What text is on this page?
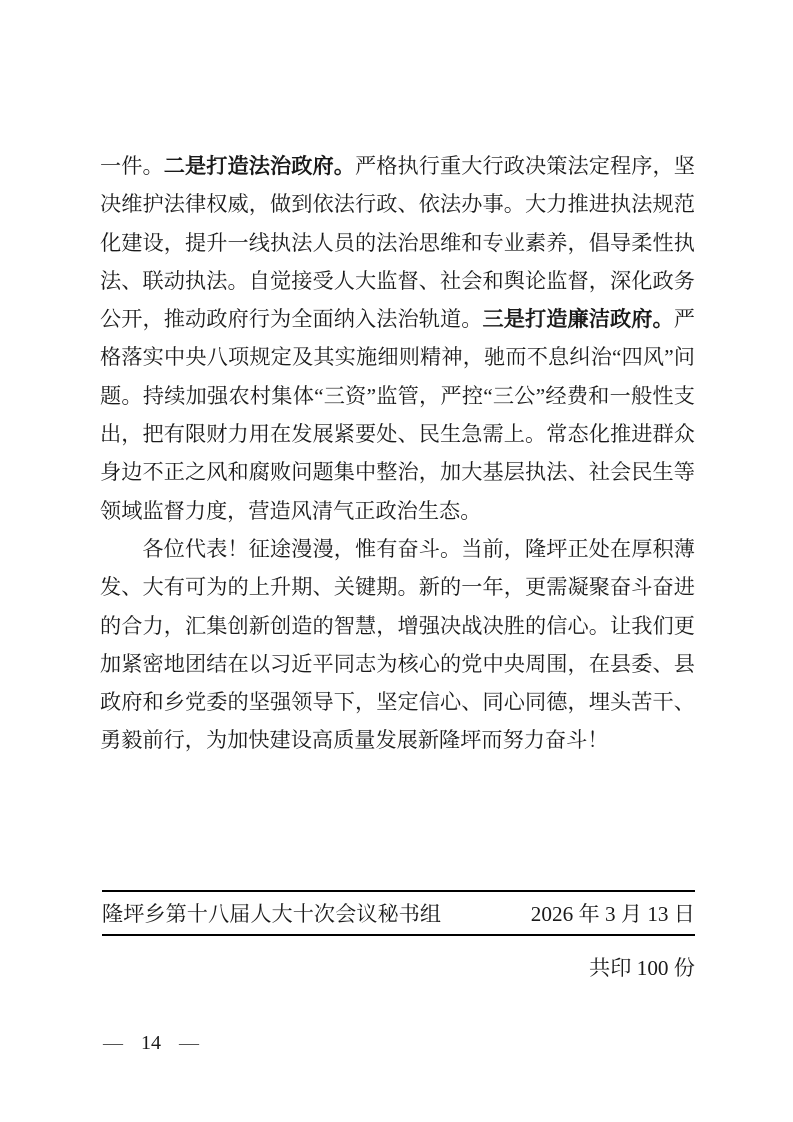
一件。二是打造法治政府。严格执行重大行政决策法定程序，坚决维护法律权威，做到依法行政、依法办事。大力推进执法规范化建设，提升一线执法人员的法治思维和专业素养，倡导柔性执法、联动执法。自觉接受人大监督、社会和舆论监督，深化政务公开，推动政府行为全面纳入法治轨道。三是打造廉洁政府。严格落实中央八项规定及其实施细则精神，驰而不息纠治“四风”问题。持续加强农村集体“三资”监管，严控“三公”经费和一般性支出，把有限财力用在发展紧要处、民生急需上。常态化推进群众身边不正之风和腐败问题集中整治，加大基层执法、社会民生等领域监督力度，营造风清气正政治生态。

各位代表！征途漫漫，惟有奋斗。当前，隆坪正处在厚积薄发、大有可为的上升期、关键期。新的一年，更需凝聚奋斗奋进的合力，汇集创新创造的智慧，增强决战决胜的信心。让我们更加紧密地团结在以习近平同志为核心的党中央周围，在县委、县政府和乡党委的坚强领导下，坚定信心、同心同德，埋头苦干、勇毅前行，为加快建设高质量发展新隆坪而努力奋斗！

隆坪乡第十八届人大十次会议秘书组	2026 年 3 月 13 日
共印 100 份
— 14 —
